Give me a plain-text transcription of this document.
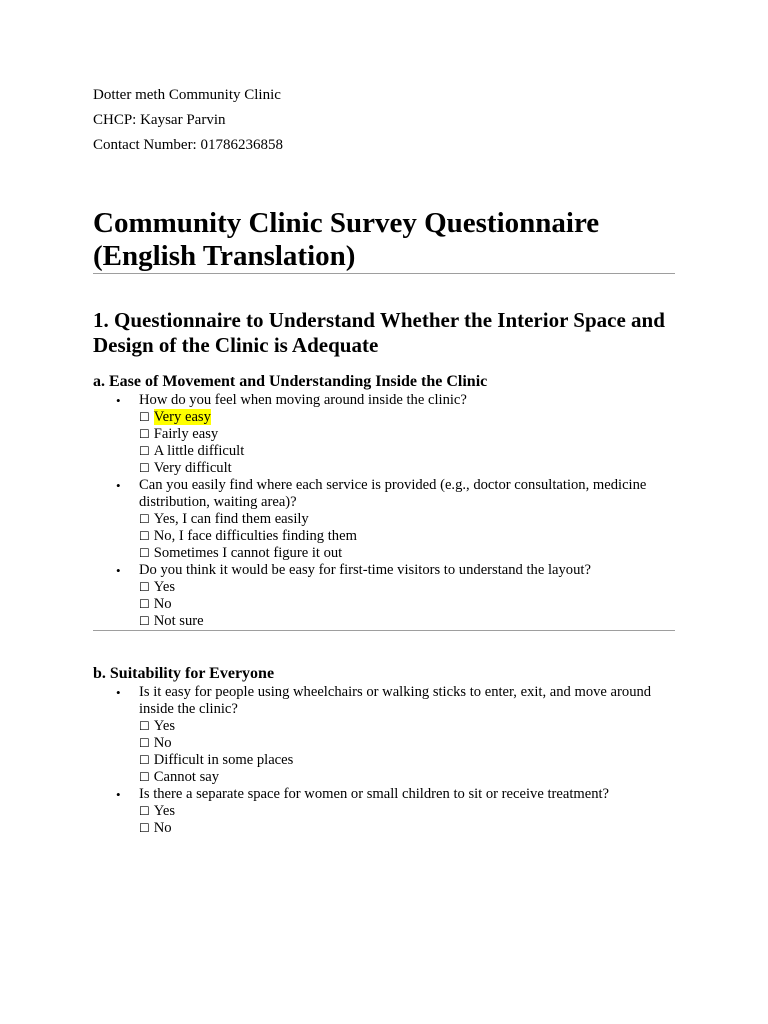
Dotter meth Community Clinic
CHCP: Kaysar Parvin
Contact Number: 01786236858
Community Clinic Survey Questionnaire (English Translation)
1. Questionnaire to Understand Whether the Interior Space and Design of the Clinic is Adequate
a. Ease of Movement and Understanding Inside the Clinic
• How do you feel when moving around inside the clinic?
☐ Very easy
☐ Fairly easy
☐ A little difficult
☐ Very difficult
• Can you easily find where each service is provided (e.g., doctor consultation, medicine distribution, waiting area)?
☐ Yes, I can find them easily
☐ No, I face difficulties finding them
☐ Sometimes I cannot figure it out
• Do you think it would be easy for first-time visitors to understand the layout?
☐ Yes
☐ No
☐ Not sure
b. Suitability for Everyone
• Is it easy for people using wheelchairs or walking sticks to enter, exit, and move around inside the clinic?
☐ Yes
☐ No
☐ Difficult in some places
☐ Cannot say
• Is there a separate space for women or small children to sit or receive treatment?
☐ Yes
☐ No
